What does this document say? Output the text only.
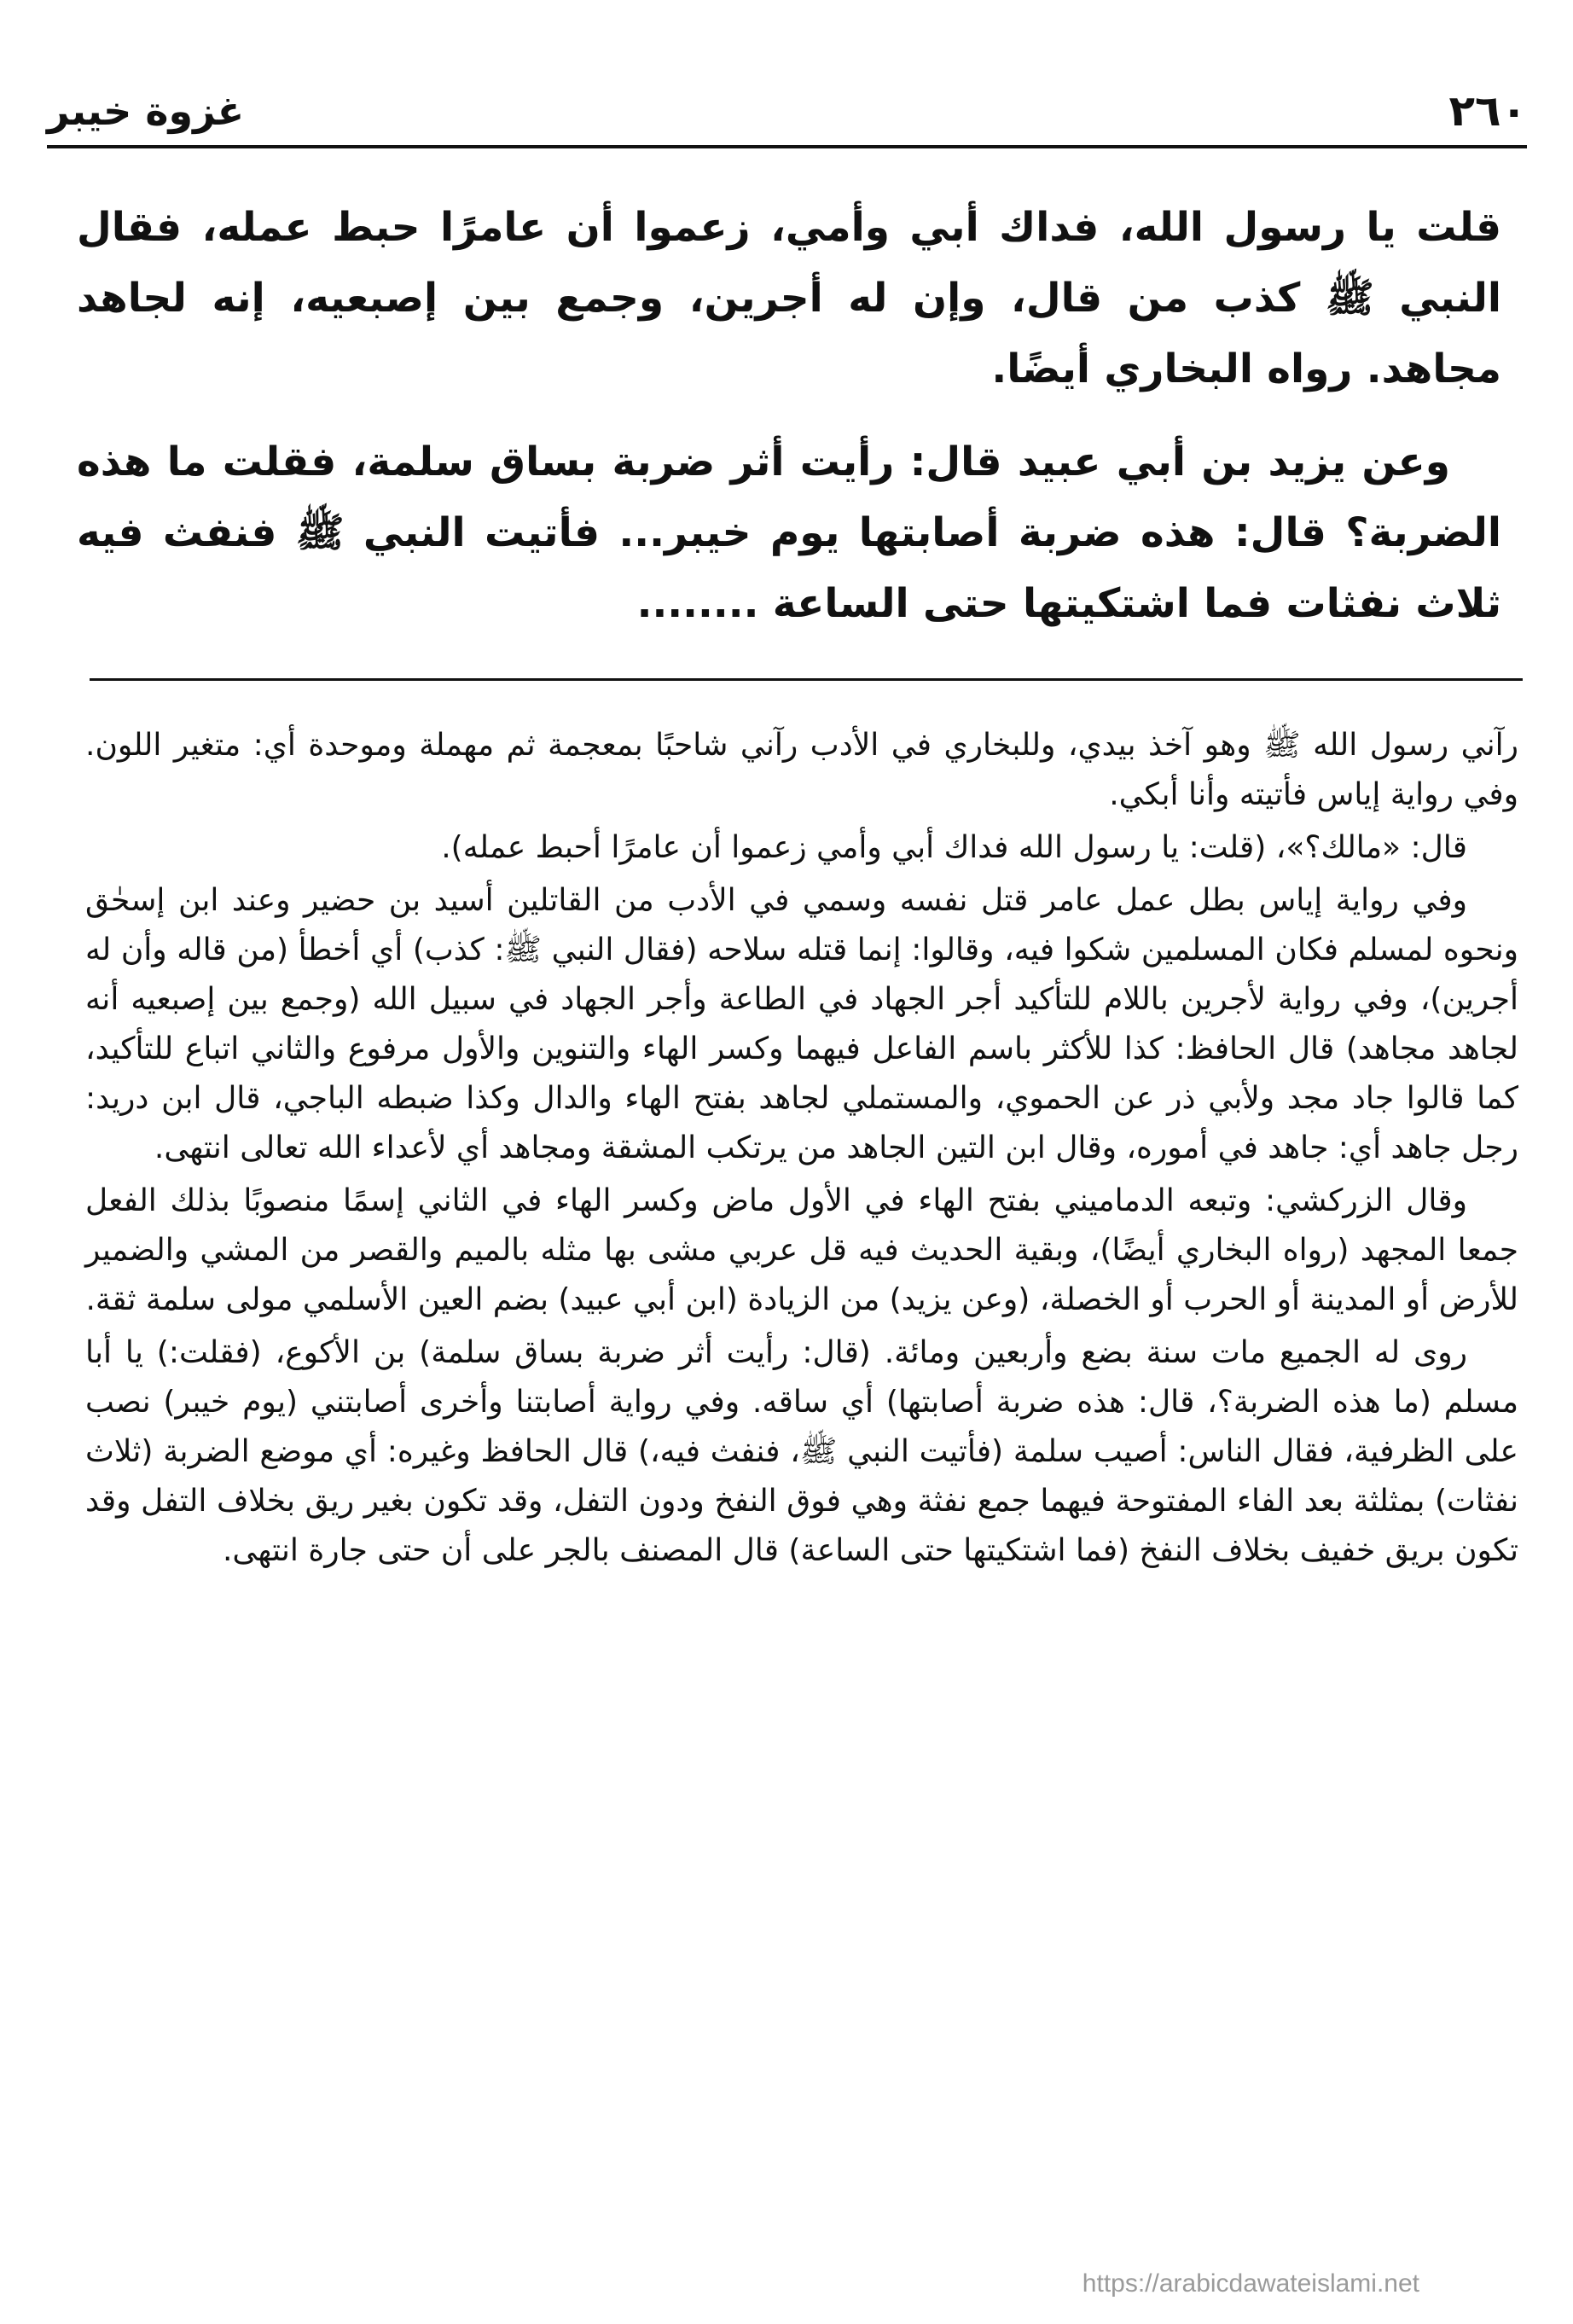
٢٦٠
غزوة خيبر

قلت يا رسول الله، فداك أبي وأمي، زعموا أن عامرًا حبط عمله، فقال النبي ﷺ كذب من قال، وإن له أجرين، وجمع بين إصبعيه، إنه لجاهد مجاهد. رواه البخاري أيضًا.

وعن يزيد بن أبي عبيد قال: رأيت أثر ضربة بساق سلمة، فقلت ما هذه الضربة؟ قال: هذه ضربة أصابتها يوم خيبر... فأتيت النبي ﷺ فنفث فيه ثلاث نفثات فما اشتكيتها حتى الساعة ........

رآني رسول الله ﷺ وهو آخذ بيدي، وللبخاري في الأدب رآني شاحبًا بمعجمة ثم مهملة وموحدة أي: متغير اللون. وفي رواية إياس فأتيته وأنا أبكي.

قال: «مالك؟»، (قلت: يا رسول الله فداك أبي وأمي زعموا أن عامرًا أحبط عمله).

وفي رواية إياس بطل عمل عامر قتل نفسه وسمي في الأدب من القاتلين أسيد بن حضير وعند ابن إسحٰق ونحوه لمسلم فكان المسلمين شكوا فيه، وقالوا: إنما قتله سلاحه (فقال النبي ﷺ: كذب) أي أخطأ (من قاله وأن له أجرين)، وفي رواية لأجرين باللام للتأكيد أجر الجهاد في الطاعة وأجر الجهاد في سبيل الله (وجمع بين إصبعيه أنه لجاهد مجاهد) قال الحافظ: كذا للأكثر باسم الفاعل فيهما وكسر الهاء والتنوين والأول مرفوع والثاني اتباع للتأكيد، كما قالوا جاد مجد ولأبي ذر عن الحموي، والمستملي لجاهد بفتح الهاء والدال وكذا ضبطه الباجي، قال ابن دريد: رجل جاهد أي: جاهد في أموره، وقال ابن التين الجاهد من يرتكب المشقة ومجاهد أي لأعداء الله تعالى انتهى.

وقال الزركشي: وتبعه الدماميني بفتح الهاء في الأول ماض وكسر الهاء في الثاني إسمًا منصوبًا بذلك الفعل جمعا المجهد (رواه البخاري أيضًا)، وبقية الحديث فيه قل عربي مشى بها مثله بالميم والقصر من المشي والضمير للأرض أو المدينة أو الحرب أو الخصلة، (وعن يزيد) من الزيادة (ابن أبي عبيد) بضم العين الأسلمي مولى سلمة ثقة.

روى له الجميع مات سنة بضع وأربعين ومائة. (قال: رأيت أثر ضربة بساق سلمة) بن الأكوع، (فقلت:) يا أبا مسلم (ما هذه الضربة؟، قال: هذه ضربة أصابتها) أي ساقه. وفي رواية أصابتنا وأخرى أصابتني (يوم خيبر) نصب على الظرفية، فقال الناس: أصيب سلمة (فأتيت النبي ﷺ، فنفث فيه،) قال الحافظ وغيره: أي موضع الضربة (ثلاث نفثات) بمثلثة بعد الفاء المفتوحة فيهما جمع نفثة وهي فوق النفخ ودون التفل، وقد تكون بغير ريق بخلاف التفل وقد تكون بريق خفيف بخلاف النفخ (فما اشتكيتها حتى الساعة) قال المصنف بالجر على أن حتى جارة انتهى.

https://arabicdawateislami.net
